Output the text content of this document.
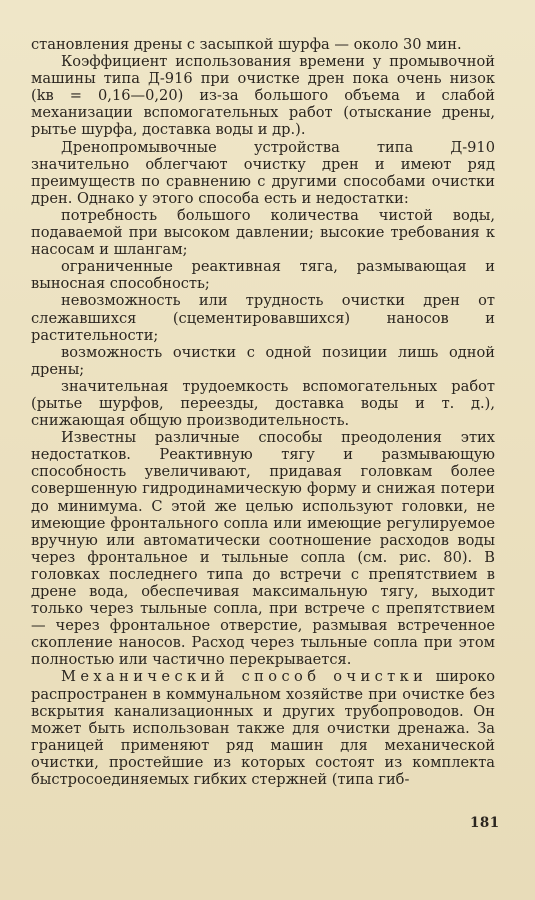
становления дрены с засыпкой шурфа — около 30 мин.

Коэффициент использования времени у промывочной машины типа Д-916 при очистке дрен пока очень низок (kв = 0,16—0,20) из-за большого объема и слабой механизации вспомогательных работ (отыскание дрены, рытье шурфа, доставка воды и др.).

Дренопромывочные устройства типа Д-910 значительно облегчают очистку дрен и имеют ряд преимуществ по сравнению с другими способами очистки дрен. Однако у этого способа есть и недостатки:

потребность большого количества чистой воды, подаваемой при высоком давлении; высокие требования к насосам и шлангам;

ограниченные реактивная тяга, размывающая и выносная способность;

невозможность или трудность очистки дрен от слежавшихся (сцементировавшихся) наносов и растительности;

возможность очистки с одной позиции лишь одной дрены;

значительная трудоемкость вспомогательных работ (рытье шурфов, переезды, доставка воды и т. д.), снижающая общую производительность.

Известны различные способы преодоления этих недостатков. Реактивную тягу и размывающую способность увеличивают, придавая головкам более совершенную гидродинамическую форму и снижая потери до минимума. С этой же целью используют головки, не имеющие фронтального сопла или имеющие регулируемое вручную или автоматически соотношение расходов воды через фронтальное и тыльные сопла (см. рис. 80). В головках последнего типа до встречи с препятствием в дрене вода, обеспечивая максимальную тягу, выходит только через тыльные сопла, при встрече с препятствием — через фронтальное отверстие, размывая встреченное скопление наносов. Расход через тыльные сопла при этом полностью или частично перекрывается.

Механический способ очистки широко распространен в коммунальном хозяйстве при очистке без вскрытия канализационных и других трубопроводов. Он может быть использован также для очистки дренажа. За границей применяют ряд машин для механической очистки, простейшие из которых состоят из комплекта быстросоединяемых гибких стержней (типа гиб-

181
